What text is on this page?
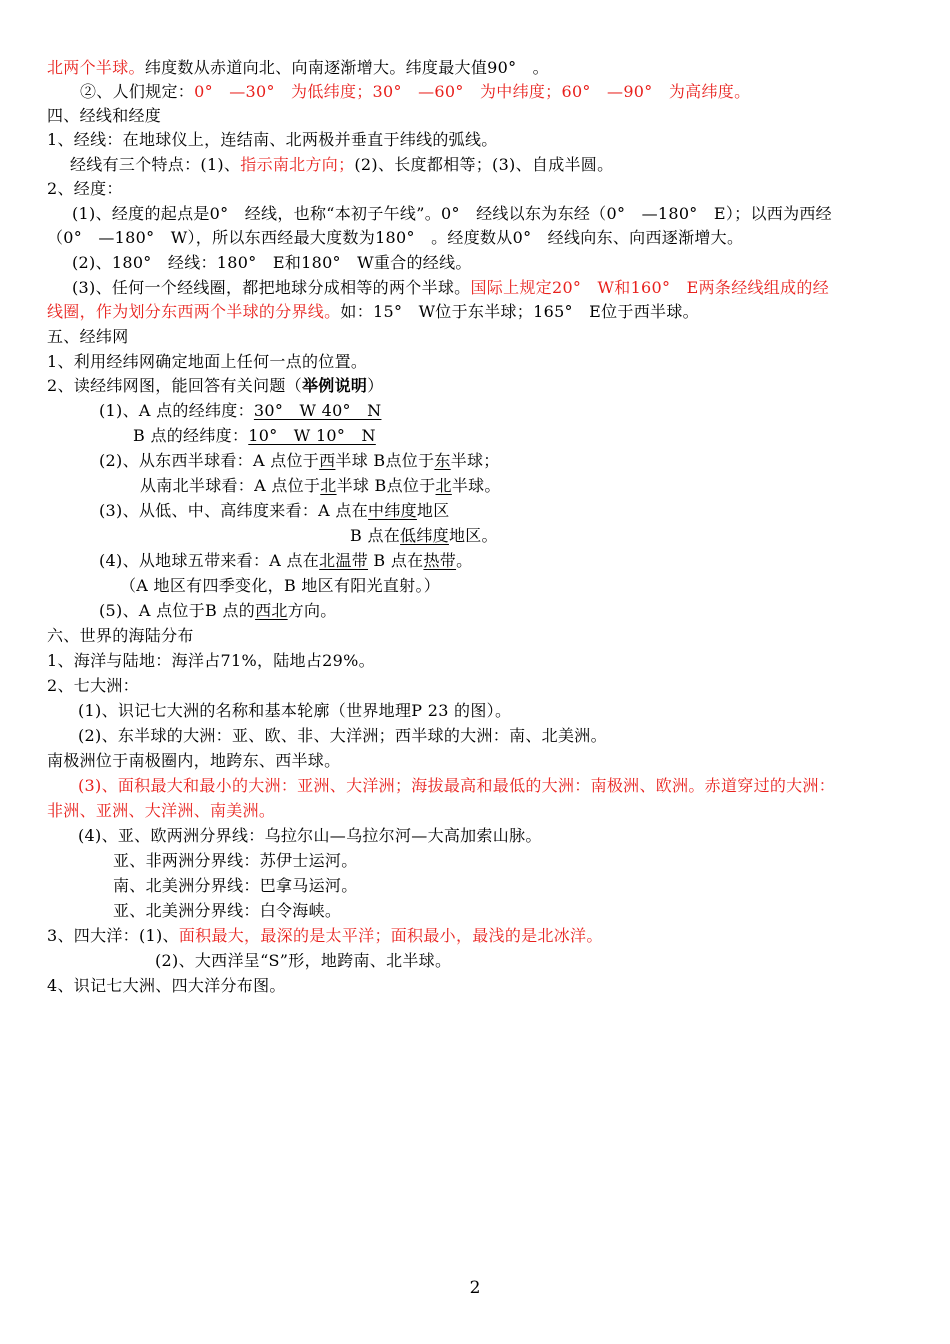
北两个半球。纬度数从赤道向北、向南逐渐增大。纬度最大值90°　。
②、人们规定：0°　—30°　为低纬度；30°　—60°　为中纬度；60°　—90°　为高纬度。
四、经线和经度
1、经线：在地球仪上，连结南、北两极并垂直于纬线的弧线。
经线有三个特点：(1)、指示南北方向；(2)、长度都相等；(3)、自成半圆。
2、经度：
(1)、经度的起点是0°　经线，也称“本初子午线”。0°　经线以东为东经（0°　—180°　E）；以西为西经
（0°　—180°　W），所以东西经最大度数为180°　。经度数从0°　经线向东、向西逐渐增大。
(2)、180°　经线：180°　E和180°　W重合的经线。
(3)、任何一个经线圈，都把地球分成相等的两个半球。国际上规定20°　W和160°　E两条经线组成的经
线圈，作为划分东西两个半球的分界线。如：15°　W位于东半球；165°　E位于西半球。
五、经纬网
1、利用经纬网确定地面上任何一点的位置。
2、读经纬网图，能回答有关问题（举例说明）
(1)、A 点的经纬度：30°　W 40°　N
B 点的经纬度：10°　W 10°　N
(2)、从东西半球看：A 点位于西半球 B点位于东半球；
从南北半球看：A 点位于北半球 B点位于北半球。
(3)、从低、中、高纬度来看：A 点在中纬度地区
B 点在低纬度地区。
(4)、从地球五带来看：A 点在北温带 B 点在热带。
（A 地区有四季变化，B 地区有阳光直射。）
(5)、A 点位于B 点的西北方向。
六、世界的海陆分布
1、海洋与陆地：海洋占71%，陆地占29%。
2、七大洲：
(1)、识记七大洲的名称和基本轮廓（世界地理P 23 的图）。
(2)、东半球的大洲：亚、欧、非、大洋洲；西半球的大洲：南、北美洲。
南极洲位于南极圈内，地跨东、西半球。
(3)、面积最大和最小的大洲：亚洲、大洋洲；海拔最高和最低的大洲：南极洲、欧洲。赤道穿过的大洲：
非洲、亚洲、大洋洲、南美洲。
(4)、亚、欧两洲分界线：乌拉尔山—乌拉尔河—大高加索山脉。
亚、非两洲分界线：苏伊士运河。
南、北美洲分界线：巴拿马运河。
亚、北美洲分界线：白令海峡。
3、四大洋：(1)、面积最大，最深的是太平洋；面积最小，最浅的是北冰洋。
(2)、大西洋呈“S”形，地跨南、北半球。
4、识记七大洲、四大洋分布图。
2
